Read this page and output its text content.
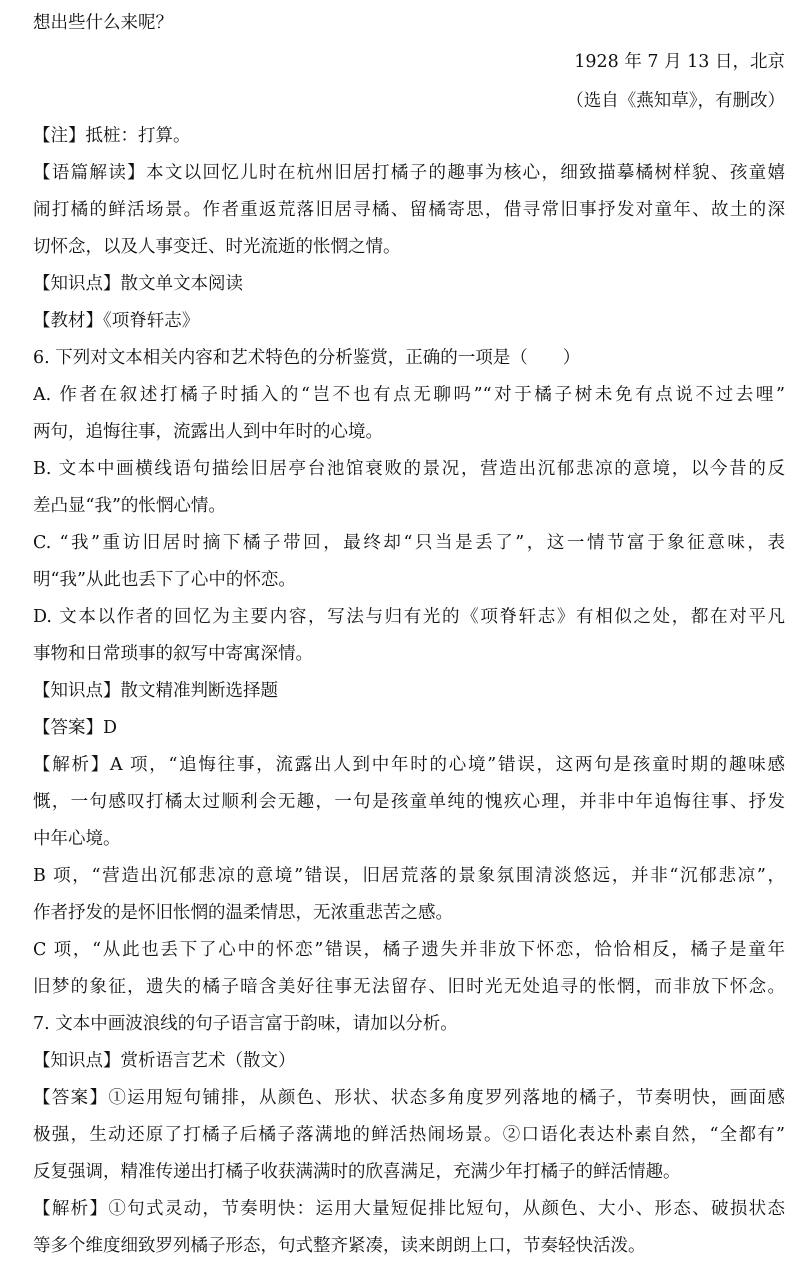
想出些什么来呢？
1928 年 7 月 13 日，北京
（选自《燕知草》，有删改）
【注】抵桩：打算。
【语篇解读】本文以回忆儿时在杭州旧居打橘子的趣事为核心，细致描摹橘树样貌、孩童嬉
闹打橘的鲜活场景。作者重返荒落旧居寻橘、留橘寄思，借寻常旧事抒发对童年、故土的深
切怀念，以及人事变迁、时光流逝的怅惘之情。
【知识点】散文单文本阅读
【教材】《项脊轩志》
6. 下列对文本相关内容和艺术特色的分析鉴赏，正确的一项是（　　）
A. 作者在叙述打橘子时插入的“岂不也有点无聊吗”“对于橘子树未免有点说不过去哩”
两句，追悔往事，流露出人到中年时的心境。
B. 文本中画横线语句描绘旧居亭台池馆衰败的景况，营造出沉郁悲凉的意境，以今昔的反
差凸显“我”的怅惘心情。
C. “我”重访旧居时摘下橘子带回，最终却“只当是丢了”，这一情节富于象征意味，表
明“我”从此也丢下了心中的怀恋。
D. 文本以作者的回忆为主要内容，写法与归有光的《项脊轩志》有相似之处，都在对平凡
事物和日常琐事的叙写中寄寓深情。
【知识点】散文精准判断选择题
【答案】D
【解析】A 项，“追悔往事，流露出人到中年时的心境”错误，这两句是孩童时期的趣味感
慨，一句感叹打橘太过顺利会无趣，一句是孩童单纯的愧疚心理，并非中年追悔往事、抒发
中年心境。
B 项，“营造出沉郁悲凉的意境”错误，旧居荒落的景象氛围清淡悠远，并非“沉郁悲凉”，
作者抒发的是怀旧怅惘的温柔情思，无浓重悲苦之感。
C 项，“从此也丢下了心中的怀恋”错误，橘子遗失并非放下怀恋，恰恰相反，橘子是童年
旧梦的象征，遗失的橘子暗含美好往事无法留存、旧时光无处追寻的怅惘，而非放下怀念。
7. 文本中画波浪线的句子语言富于韵味，请加以分析。
【知识点】赏析语言艺术（散文）
【答案】①运用短句铺排，从颜色、形状、状态多角度罗列落地的橘子，节奏明快，画面感
极强，生动还原了打橘子后橘子落满地的鲜活热闹场景。②口语化表达朴素自然，“全都有”
反复强调，精准传递出打橘子收获满满时的欣喜满足，充满少年打橘子的鲜活情趣。
【解析】①句式灵动，节奏明快：运用大量短促排比短句，从颜色、大小、形态、破损状态
等多个维度细致罗列橘子形态，句式整齐紧凑，读来朗朗上口，节奏轻快活泼。
